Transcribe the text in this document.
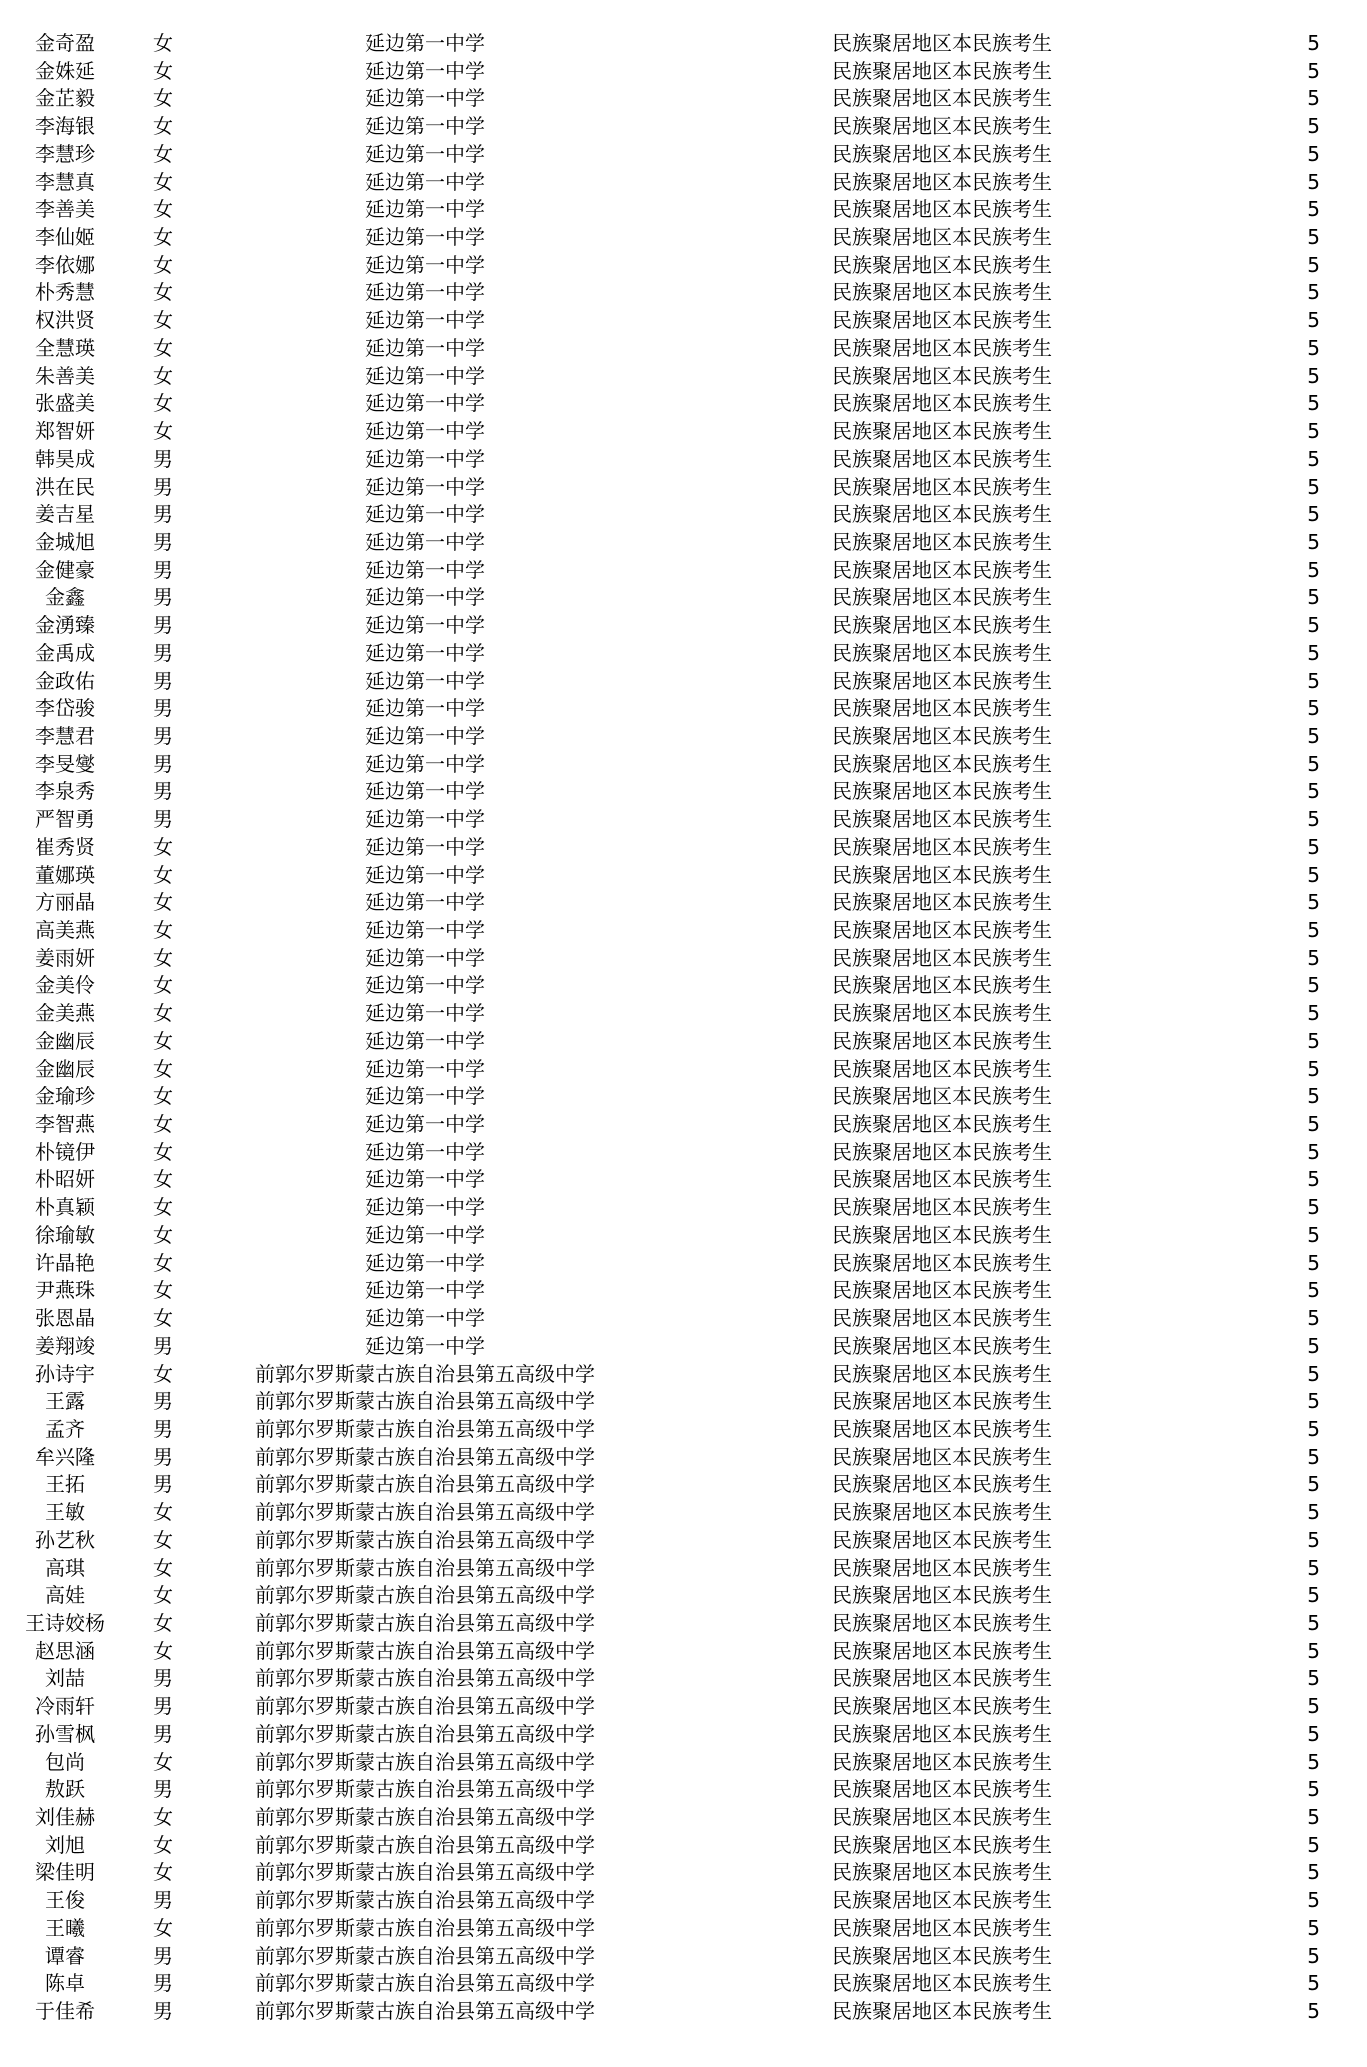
金奇盈	女	延边第一中学	民族聚居地区本民族考生	5
金姝延	女	延边第一中学	民族聚居地区本民族考生	5
金芷毅	女	延边第一中学	民族聚居地区本民族考生	5
李海银	女	延边第一中学	民族聚居地区本民族考生	5
李慧珍	女	延边第一中学	民族聚居地区本民族考生	5
李慧真	女	延边第一中学	民族聚居地区本民族考生	5
李善美	女	延边第一中学	民族聚居地区本民族考生	5
李仙姬	女	延边第一中学	民族聚居地区本民族考生	5
李依娜	女	延边第一中学	民族聚居地区本民族考生	5
朴秀慧	女	延边第一中学	民族聚居地区本民族考生	5
权洪贤	女	延边第一中学	民族聚居地区本民族考生	5
全慧瑛	女	延边第一中学	民族聚居地区本民族考生	5
朱善美	女	延边第一中学	民族聚居地区本民族考生	5
张盛美	女	延边第一中学	民族聚居地区本民族考生	5
郑智妍	女	延边第一中学	民族聚居地区本民族考生	5
韩昊成	男	延边第一中学	民族聚居地区本民族考生	5
洪在民	男	延边第一中学	民族聚居地区本民族考生	5
姜吉星	男	延边第一中学	民族聚居地区本民族考生	5
金城旭	男	延边第一中学	民族聚居地区本民族考生	5
金健豪	男	延边第一中学	民族聚居地区本民族考生	5
金鑫	男	延边第一中学	民族聚居地区本民族考生	5
金湧臻	男	延边第一中学	民族聚居地区本民族考生	5
金禹成	男	延边第一中学	民族聚居地区本民族考生	5
金政佑	男	延边第一中学	民族聚居地区本民族考生	5
李岱骏	男	延边第一中学	民族聚居地区本民族考生	5
李慧君	男	延边第一中学	民族聚居地区本民族考生	5
李旻燮	男	延边第一中学	民族聚居地区本民族考生	5
李泉秀	男	延边第一中学	民族聚居地区本民族考生	5
严智勇	男	延边第一中学	民族聚居地区本民族考生	5
崔秀贤	女	延边第一中学	民族聚居地区本民族考生	5
董娜瑛	女	延边第一中学	民族聚居地区本民族考生	5
方丽晶	女	延边第一中学	民族聚居地区本民族考生	5
高美燕	女	延边第一中学	民族聚居地区本民族考生	5
姜雨妍	女	延边第一中学	民族聚居地区本民族考生	5
金美伶	女	延边第一中学	民族聚居地区本民族考生	5
金美燕	女	延边第一中学	民族聚居地区本民族考生	5
金幽辰	女	延边第一中学	民族聚居地区本民族考生	5
金幽辰	女	延边第一中学	民族聚居地区本民族考生	5
金瑜珍	女	延边第一中学	民族聚居地区本民族考生	5
李智燕	女	延边第一中学	民族聚居地区本民族考生	5
朴镜伊	女	延边第一中学	民族聚居地区本民族考生	5
朴昭妍	女	延边第一中学	民族聚居地区本民族考生	5
朴真颖	女	延边第一中学	民族聚居地区本民族考生	5
徐瑜敏	女	延边第一中学	民族聚居地区本民族考生	5
许晶艳	女	延边第一中学	民族聚居地区本民族考生	5
尹燕珠	女	延边第一中学	民族聚居地区本民族考生	5
张恩晶	女	延边第一中学	民族聚居地区本民族考生	5
姜翔竣	男	延边第一中学	民族聚居地区本民族考生	5
孙诗宇	女	前郭尔罗斯蒙古族自治县第五高级中学	民族聚居地区本民族考生	5
王露	男	前郭尔罗斯蒙古族自治县第五高级中学	民族聚居地区本民族考生	5
孟齐	男	前郭尔罗斯蒙古族自治县第五高级中学	民族聚居地区本民族考生	5
牟兴隆	男	前郭尔罗斯蒙古族自治县第五高级中学	民族聚居地区本民族考生	5
王拓	男	前郭尔罗斯蒙古族自治县第五高级中学	民族聚居地区本民族考生	5
王敏	女	前郭尔罗斯蒙古族自治县第五高级中学	民族聚居地区本民族考生	5
孙艺秋	女	前郭尔罗斯蒙古族自治县第五高级中学	民族聚居地区本民族考生	5
高琪	女	前郭尔罗斯蒙古族自治县第五高级中学	民族聚居地区本民族考生	5
高娃	女	前郭尔罗斯蒙古族自治县第五高级中学	民族聚居地区本民族考生	5
王诗姣杨	女	前郭尔罗斯蒙古族自治县第五高级中学	民族聚居地区本民族考生	5
赵思涵	女	前郭尔罗斯蒙古族自治县第五高级中学	民族聚居地区本民族考生	5
刘喆	男	前郭尔罗斯蒙古族自治县第五高级中学	民族聚居地区本民族考生	5
冷雨轩	男	前郭尔罗斯蒙古族自治县第五高级中学	民族聚居地区本民族考生	5
孙雪枫	男	前郭尔罗斯蒙古族自治县第五高级中学	民族聚居地区本民族考生	5
包尚	女	前郭尔罗斯蒙古族自治县第五高级中学	民族聚居地区本民族考生	5
敖跃	男	前郭尔罗斯蒙古族自治县第五高级中学	民族聚居地区本民族考生	5
刘佳赫	女	前郭尔罗斯蒙古族自治县第五高级中学	民族聚居地区本民族考生	5
刘旭	女	前郭尔罗斯蒙古族自治县第五高级中学	民族聚居地区本民族考生	5
梁佳明	女	前郭尔罗斯蒙古族自治县第五高级中学	民族聚居地区本民族考生	5
王俊	男	前郭尔罗斯蒙古族自治县第五高级中学	民族聚居地区本民族考生	5
王曦	女	前郭尔罗斯蒙古族自治县第五高级中学	民族聚居地区本民族考生	5
谭睿	男	前郭尔罗斯蒙古族自治县第五高级中学	民族聚居地区本民族考生	5
陈卓	男	前郭尔罗斯蒙古族自治县第五高级中学	民族聚居地区本民族考生	5
于佳希	男	前郭尔罗斯蒙古族自治县第五高级中学	民族聚居地区本民族考生	5
